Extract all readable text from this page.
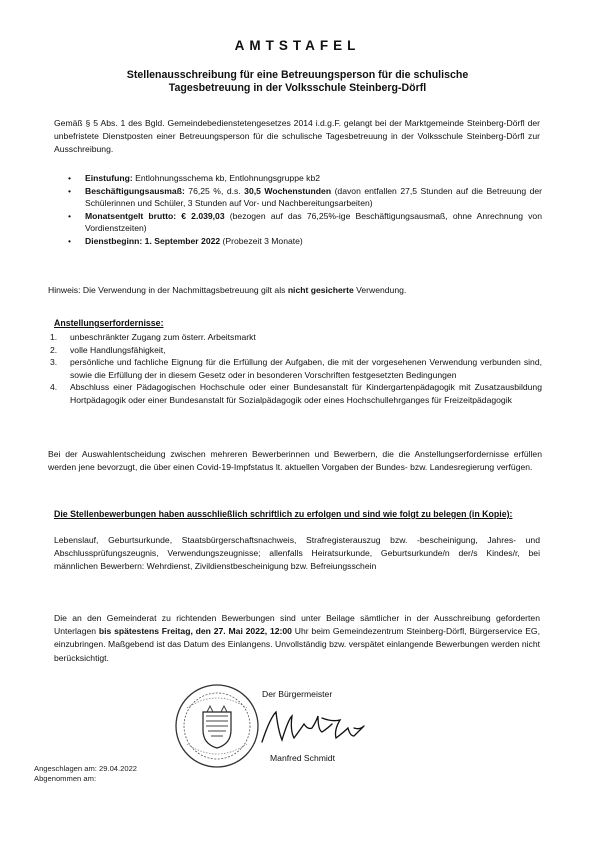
AMTSTAFEL
Stellenausschreibung für eine Betreuungsperson für die schulische
Tagesbetreuung in der Volksschule Steinberg-Dörfl
Gemäß § 5 Abs. 1 des Bgld. Gemeindebedienstetengesetzes 2014 i.d.g.F. gelangt bei der Marktgemeinde Steinberg-Dörfl der unbefristete Dienstposten einer Betreuungsperson für die schulische Tagesbetreuung in der Volksschule Steinberg-Dörfl zur Ausschreibung.
• Einstufung: Entlohnungsschema kb, Entlohnungsgruppe kb2
• Beschäftigungsausmaß: 76,25 %, d.s. 30,5 Wochenstunden (davon entfallen 27,5 Stunden auf die Betreuung der Schülerinnen und Schüler, 3 Stunden auf Vor- und Nachbereitungsarbeiten)
• Monatsentgelt brutto: € 2.039,03 (bezogen auf das 76,25%-ige Beschäftigungsausmaß, ohne Anrechnung von Vordienstzeiten)
• Dienstbeginn: 1. September 2022 (Probezeit 3 Monate)
Hinweis: Die Verwendung in der Nachmittagsbetreuung gilt als nicht gesicherte Verwendung.
Anstellungserfordernisse:
1. unbeschränkter Zugang zum österr. Arbeitsmarkt
2. volle Handlungsfähigkeit,
3. persönliche und fachliche Eignung für die Erfüllung der Aufgaben, die mit der vorgesehenen Verwendung verbunden sind, sowie die Erfüllung der in diesem Gesetz oder in besonderen Vorschriften festgesetzten Bedingungen
4. Abschluss einer Pädagogischen Hochschule oder einer Bundesanstalt für Kindergartenpädagogik mit Zusatzausbildung Hortpädagogik oder einer Bundesanstalt für Sozialpädagogik oder eines Hochschullehrganges für Freizeitpädagogik
Bei der Auswahlentscheidung zwischen mehreren Bewerberinnen und Bewerbern, die die Anstellungserfordernisse erfüllen werden jene bevorzugt, die über einen Covid-19-Impfstatus lt. aktuellen Vorgaben der Bundes- bzw. Landesregierung verfügen.
Die Stellenbewerbungen haben ausschließlich schriftlich zu erfolgen und sind wie folgt zu belegen (in Kopie):
Lebenslauf, Geburtsurkunde, Staatsbürgerschaftsnachweis, Strafregisterauszug bzw. -bescheinigung, Jahres- und Abschlussprüfungszeugnis, Verwendungszeugnisse; allenfalls Heiratsurkunde, Geburtsurkunde/n der/s Kindes/r, bei männlichen Bewerbern: Wehrdienst, Zivildienstbescheinigung bzw. Befreiungsschein
Die an den Gemeinderat zu richtenden Bewerbungen sind unter Beilage sämtlicher in der Ausschreibung geforderten Unterlagen bis spätestens Freitag, den 27. Mai 2022, 12:00 Uhr beim Gemeindezentrum Steinberg-Dörfl, Bürgerservice EG, einzubringen. Maßgebend ist das Datum des Einlangens. Unvollständig bzw. verspätet einlangende Bewerbungen werden nicht berücksichtigt.
Der Bürgermeister
Manfred Schmidt
Angeschlagen am: 29.04.2022
Abgenommen am:
